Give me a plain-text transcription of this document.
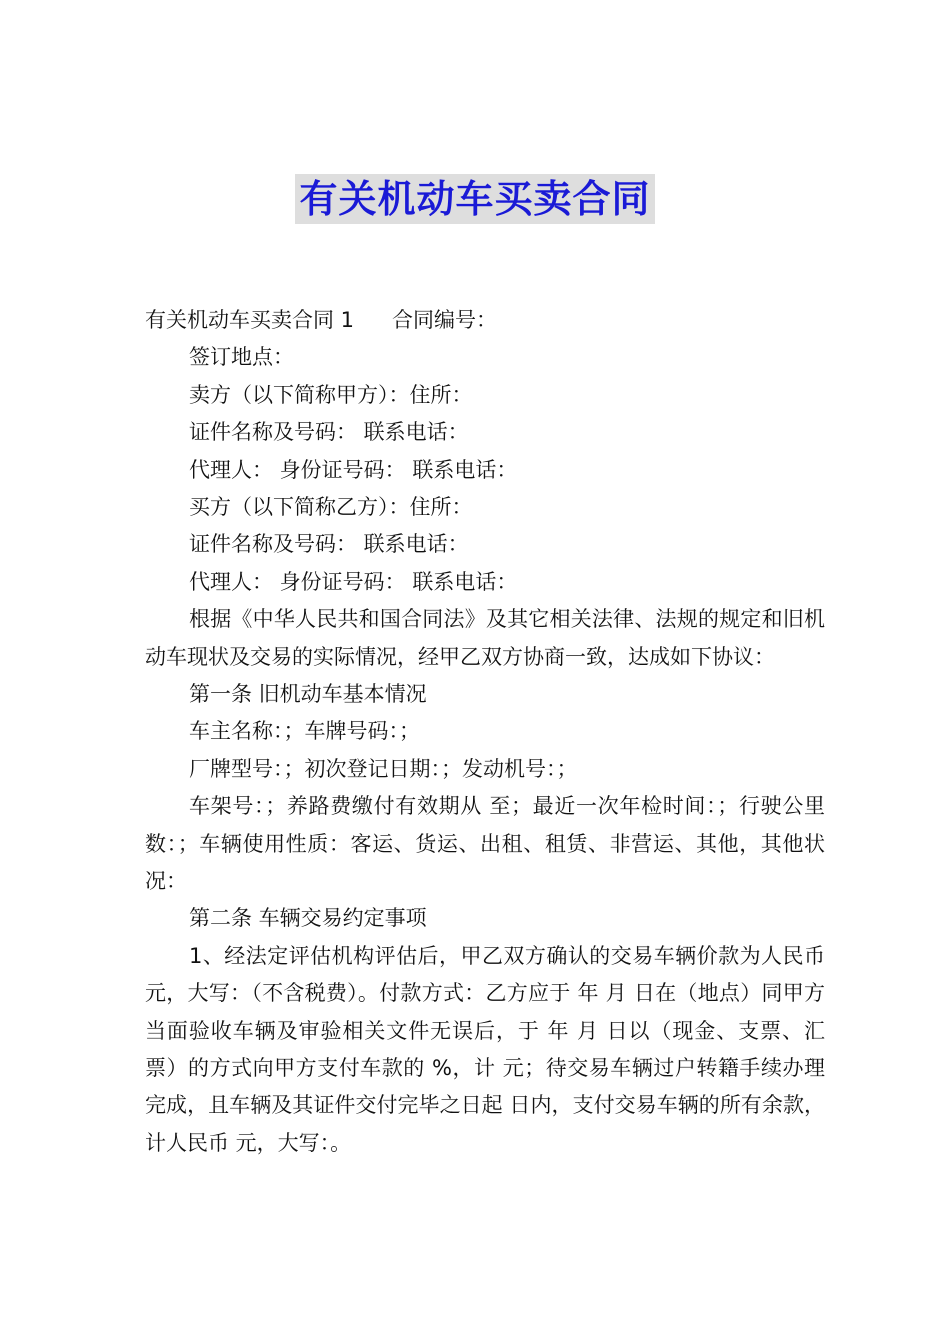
有关机动车买卖合同
有关机动车买卖合同 1 合同编号：
签订地点：
卖方（以下简称甲方）：住所：
证件名称及号码： 联系电话：
代理人： 身份证号码： 联系电话：
买方（以下简称乙方）：住所：
证件名称及号码： 联系电话：
代理人： 身份证号码： 联系电话：
根据《中华人民共和国合同法》及其它相关法律、法规的规定和旧机动车现状及交易的实际情况，经甲乙双方协商一致，达成如下协议：
第一条 旧机动车基本情况
车主名称：；车牌号码：；
厂牌型号：；初次登记日期：；发动机号：；
车架号：；养路费缴付有效期从 至；最近一次年检时间：；行驶公里数：；车辆使用性质：客运、货运、出租、租赁、非营运、其他，其他状况：
第二条 车辆交易约定事项
1、经法定评估机构评估后，甲乙双方确认的交易车辆价款为人民币 元，大写：（不含税费）。付款方式：乙方应于 年 月 日在（地点）同甲方当面验收车辆及审验相关文件无误后，于 年 月 日以（现金、支票、汇票）的方式向甲方支付车款的 %，计 元；待交易车辆过户转籍手续办理完成，且车辆及其证件交付完毕之日起 日内，支付交易车辆的所有余款，计人民币 元，大写：。
